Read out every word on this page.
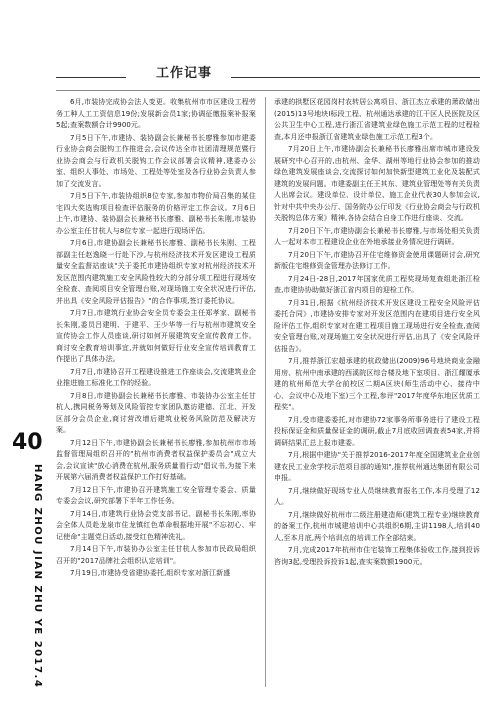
工作记事

6月,市装协完成协会法人变更。收集杭州市市区建设工程劳务工种人工工资信息19份;发展新会员1家;协调征缴报案补报案5起;查案数额合计9900元。

7月5日下午,市建协、装协副会长兼秘书长廖雅参加市建委行业协会商会脱钩工作推进会,会议传达全市社团清理规范暨行业协会商会与行政机关脱钩工作会议部署会议精神,建委办公室、组织人事处、市场处、工程处等处室及各行业协会负责人参加了交流发言。

7月5日下午,市装协组织8位专家,参加市物价局召集的某住宅四大奖选购项目检查评估服务的价格评定工作会议。7月6日上午,市建协、装协副会长兼秘书长廖雅、副秘书长朱刚,市装协办公室主任甘杭人与8位专家一起进行现场评估。

7月6日,市建协副会长兼秘书长廖雅、副秘书长朱刚、工程部副主任赵逸晓一行赴下沙,与杭州经济技术开发区建设工程质量安全监督站座谈"关于委托市建协组织专家对杭州经济技术开发区范围内建筑施工安全风险性较大的分部分项工程进行现场安全检查、查阅项目安全管理台账,对现场施工安全状况进行评估,并出具《安全风险评估报告》"的合作事项,签订委托协议。

7月7日,市建筑行业协会安全员专委会主任郑孝家、副秘书长朱刚,委员吕建明、于建平、王少华等一行与杭州市建筑安全宣传协会工作人员座谈,研讨如何开展建筑安全宣传教育工作。商讨安全教育培训事宜,并就如何做好行业安全宣传培训教育工作提出了具体办法。

7月7日,市建协召开工程建设推进工作座谈会,交流建筑业企业推进施工标准化工作的经验。

7月8日,市建协副会长兼秘书长廖雅、市装协办公室主任甘杭人,携同税务筹划及风险管控专家团队邀访建德、江北、开发区部分会员企业,商讨营改增后建筑业税务风险防范及解决方案。

7月12日下午,市建协副会长兼秘书长廖雅,参加杭州市市场监督管理局组织召开的"杭州市消费者权益保护委员会"成立大会,会议宣读"放心消费在杭州,服务质量看行动"倡议书,为接下来开展第六届消费者权益保护工作打好基础。

7月12日下午,市建协召开建筑施工安全管理专委会、质量专委会会议,研究部署下半年工作任务。

7月14日,市建筑行业协会党支部书记、副秘书长朱刚,率协会全体人员赴龙泉市住龙镇红色革命根据地开展"不忘初心、牢记使命"主题党日活动,接受红色精神洗礼。

7月14日下午,市装协办公室主任甘杭人参加市民政局组织召开的"2017品牌社会组织认定培训"。

7月19日,市建协受省建协委托,组织专家对浙江新盛

承建的拱墅区花园岗村农转居公寓项目、浙江杰立承建的萧政储出(2015)13号地块I标段工程、杭州通达承建的江干区人民医院及区公共卫生中心工程,进行浙江省建筑业绿色施工示范工程的过程检查,本月还申报浙江省建筑业绿色施工示范工程3个。

7月20日上午,市建协副会长兼秘书长廖雅出席市城市建设发展研究中心召开的,由杭州、金华、湖州等地行业协会参加的推动绿色建筑发展座谈会,交流探讨如何加快新型建筑工业化及装配式建筑的发展问题。市建委副主任王其东、建筑业管理处等有关负责人出席会议。建设单位、设计单位、施工企业代表30人参加会议,针对中共中央办公厅、国务院办公厅印发《行业协会商会与行政机关脱钩总体方案》精神,各协会结合自身工作进行座谈、交流。

7月20日下午,市建协副会长兼秘书长廖雅,与市场处相关负责人一起对本市工程建设企业在外地承接业务情况进行调研。

7月20日下午,市建协召开住宅维修资金使用课题研讨会,研究新版住宅维修资金管理办法修订工作。

7月24日-28日,2017年国家优质工程奖现场复查组赴浙江检查,市建协协助做好浙江省内项目的迎检工作。

7月31日,根据《杭州经济技术开发区建设工程安全风险评估委托合同》,市建协安排专家对开发区范围内在建项目进行安全风险评估工作,组织专家对在建工程项目施工现场进行安全检查,查阅安全管理台账,对现场施工安全状况进行评估,出具了《安全风险评估报告》。

7月,推荐浙江宏超承建的杭政储出(2009)96号地块商业金融用房、杭州中南承建的西溪院区综合楼及地下室项目、浙江耀厦承建的杭州师范大学仓前校区二期A区块(师生活动中心、接待中心、会议中心及地下室)三个工程,参评"2017年度华东地区优质工程奖"。

7月,受市建委委托,对市建协72家事务所事务进行了建设工程投标保证金和质量保证金的调研,截止7月底收回调查表54家,并将调研结果汇总上报市建委。

7月,根据中建协"关于推荐2016-2017年度全国建筑业企业创建农民工业余学校示范项目部的通知",推荐杭州通达集团有限公司申报。

7月,继续做好现场专业人员继续教育报名工作,本月受理了12人。

7月,继续做好杭州市二级注册建造师(建筑工程专业)继续教育的备案工作,杭州市城建培训中心共组织6期,主讲1198人,培训40人,至本月底,两个培训点的培训工作全部结束。

7月,完成2017年杭州市住宅装饰工程集体验收工作,接到投诉咨询3起,受理投诉投诉1起,查实案数额1900元。

40
HANG ZHOU JIAN ZHU YE 2017.4
